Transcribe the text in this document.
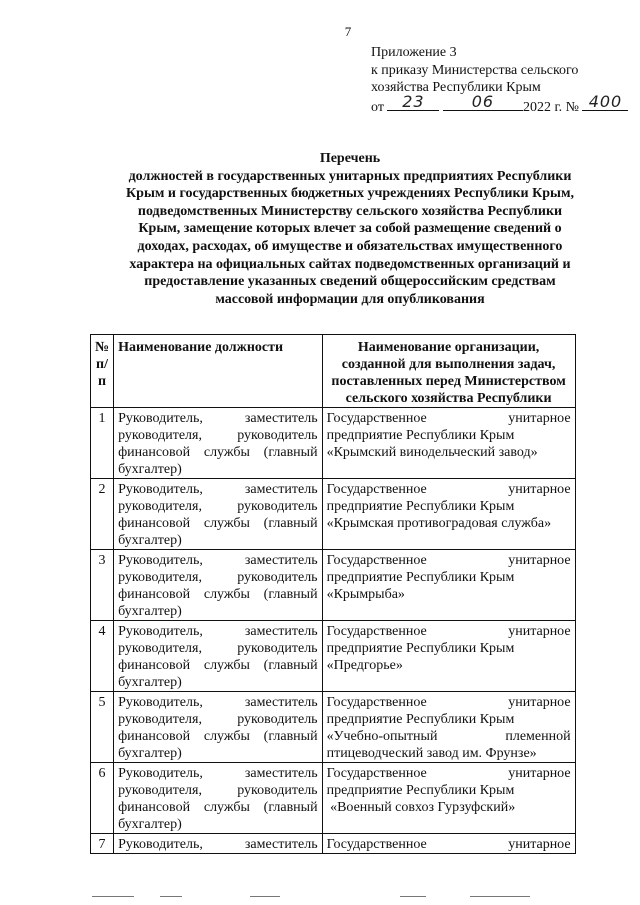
7
Приложение 3
к приказу Министерства сельского
хозяйства Республики Крым
от	23
	06	2022 г. № 400
Перечень
должностей в государственных унитарных предприятиях Республики
Крым и государственных бюджетных учреждениях Республики Крым,
подведомственных Министерству сельского хозяйства Республики
Крым, замещение которых влечет за собой размещение сведений о
доходах, расходах, об имуществе и обязательствах имущественного
характера на официальных сайтах подведомственных организаций и
предоставление указанных сведений общероссийским средствам
массовой информации для опубликования
№ п/п	Наименование должности	Наименование организации, созданной для выполнения задач, поставленных перед Министерством сельского хозяйства Республики
1	Руководитель, заместитель руководителя, руководитель финансовой службы (главный бухгалтер)	Государственное унитарное
предприятие Республики Крым
«Крымский винодельческий завод»

2	Руководитель, заместитель руководителя, руководитель финансовой службы (главный бухгалтер)	Государственное унитарное
предприятие Республики Крым
«Крымская противоградовая служба»

3	Руководитель, заместитель руководителя, руководитель финансовой службы (главный бухгалтер)	Государственное унитарное
предприятие Республики Крым
«Крымрыба»

4	Руководитель, заместитель руководителя, руководитель финансовой службы (главный бухгалтер)	Государственное унитарное
предприятие Республики Крым
«Предгорье»

5	Руководитель, заместитель руководителя, руководитель финансовой службы (главный бухгалтер)	Государственное унитарное
предприятие Республики Крым
«Учебно-опытный племенной птицеводческий завод им. Фрунзе»

6	Руководитель, заместитель руководителя, руководитель финансовой службы (главный бухгалтер)	Государственное унитарное
предприятие Республики Крым
«Военный совхоз Гурзуфский»

7	Руководитель,            заместитель	Государственное унитарное
